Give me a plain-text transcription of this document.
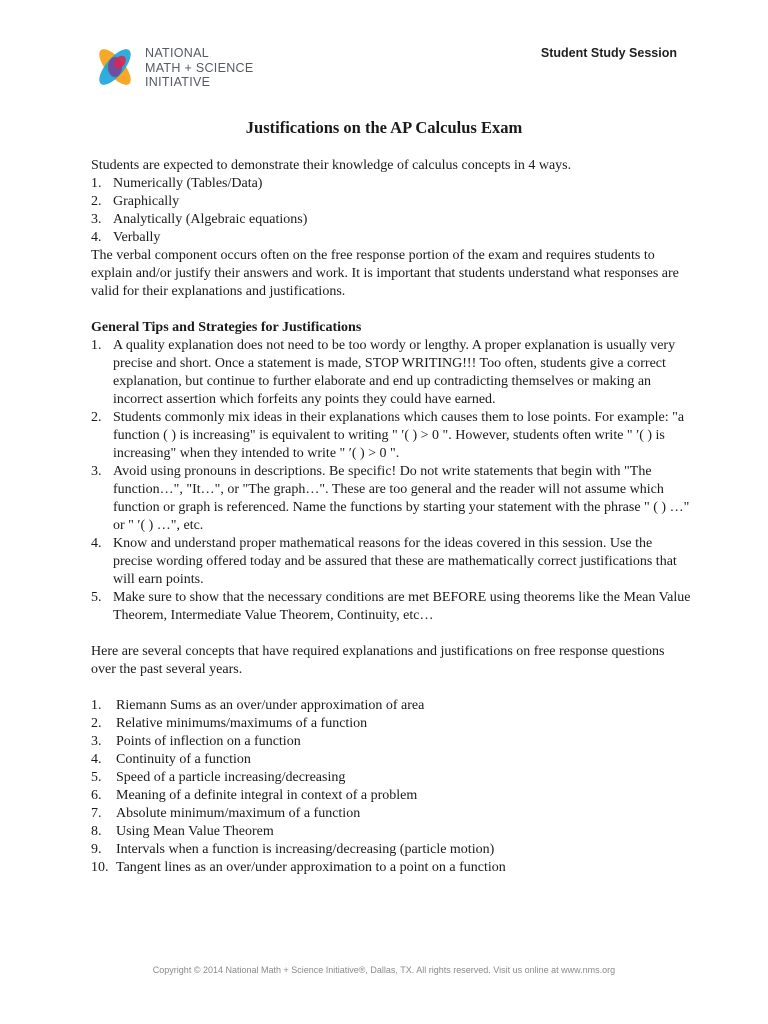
NATIONAL
MATH + SCIENCE
INITIATIVE
Student Study Session
Justifications on the AP Calculus Exam

Students are expected to demonstrate their knowledge of calculus concepts in 4 ways.

1. Numerically (Tables/Data)
2. Graphically
3. Analytically (Algebraic equations)
4. Verbally

The verbal component occurs often on the free response portion of the exam and requires students to explain and/or justify their answers and work. It is important that students understand what responses are valid for their explanations and justifications.

General Tips and Strategies for Justifications

1. A quality explanation does not need to be too wordy or lengthy. A proper explanation is usually very precise and short. Once a statement is made, STOP WRITING!!! Too often, students give a correct explanation, but continue to further elaborate and end up contradicting themselves or making an incorrect assertion which forfeits any points they could have earned.
2. Students commonly mix ideas in their explanations which causes them to lose points. For example: "a function ( ) is increasing" is equivalent to writing " ′( ) > 0 ". However, students often write " ′( ) is increasing" when they intended to write " ′( ) > 0 ".
3. Avoid using pronouns in descriptions. Be specific! Do not write statements that begin with "The function…", "It…", or "The graph…". These are too general and the reader will not assume which function or graph is referenced. Name the functions by starting your statement with the phrase " ( ) …" or " ′( ) …", etc.
4. Know and understand proper mathematical reasons for the ideas covered in this session. Use the precise wording offered today and be assured that these are mathematically correct justifications that will earn points.
5. Make sure to show that the necessary conditions are met BEFORE using theorems like the Mean Value Theorem, Intermediate Value Theorem, Continuity, etc…

Here are several concepts that have required explanations and justifications on free response questions over the past several years.

1. Riemann Sums as an over/under approximation of area
2. Relative minimums/maximums of a function
3. Points of inflection on a function
4. Continuity of a function
5. Speed of a particle increasing/decreasing
6. Meaning of a definite integral in context of a problem
7. Absolute minimum/maximum of a function
8. Using Mean Value Theorem
9. Intervals when a function is increasing/decreasing (particle motion)
10. Tangent lines as an over/under approximation to a point on a function
Copyright © 2014 National Math + Science Initiative®, Dallas, TX. All rights reserved. Visit us online at www.nms.org
